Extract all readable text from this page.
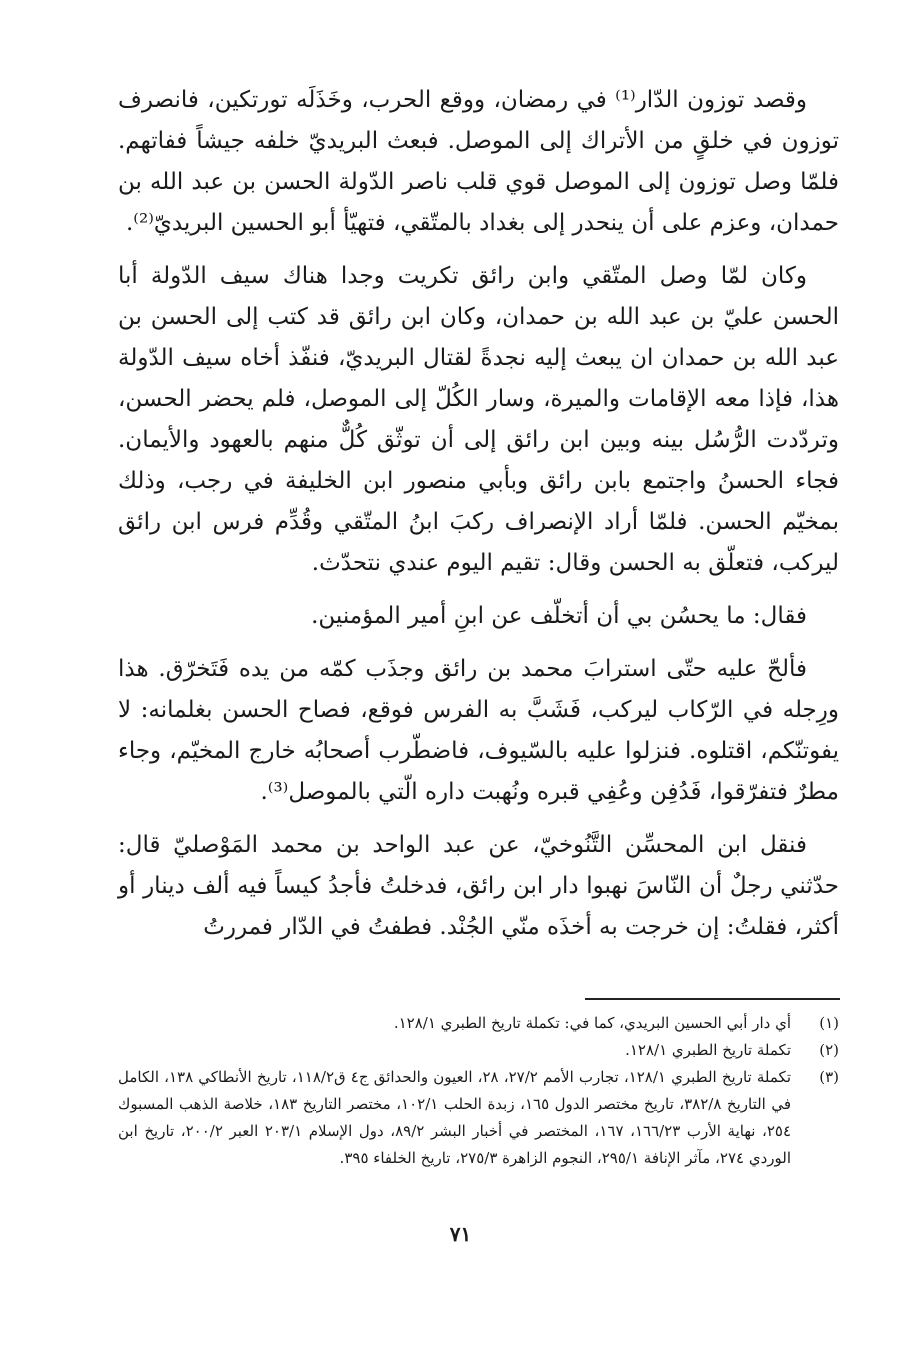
وقصد توزون الدّار⁽¹⁾ في رمضان، ووقع الحرب، وخَذَلَه تورتكين، فانصرف توزون في خلقٍ من الأتراك إلى الموصل. فبعث البريديّ خلفه جيشاً ففاتهم. فلمّا وصل توزون إلى الموصل قوي قلب ناصر الدّولة الحسن بن عبد الله بن حمدان، وعزم على أن ينحدر إلى بغداد بالمتّقي، فتهيّأ أبو الحسين البريديّ⁽²⁾.

وكان لمّا وصل المتّقي وابن رائق تكريت وجدا هناك سيف الدّولة أبا الحسن عليّ بن عبد الله بن حمدان، وكان ابن رائق قد كتب إلى الحسن بن عبد الله بن حمدان ان يبعث إليه نجدةً لقتال البريديّ، فنفّذ أخاه سيف الدّولة هذا، فإذا معه الإقامات والميرة، وسار الكُلّ إلى الموصل، فلم يحضر الحسن، وتردّدت الرُّسُل بينه وبين ابن رائق إلى أن توثّق كُلٌّ منهم بالعهود والأيمان. فجاء الحسنُ واجتمع بابن رائق وبأبي منصور ابن الخليفة في رجب، وذلك بمخيّم الحسن. فلمّا أراد الإنصراف ركبَ ابنُ المتّقي وقُدِّم فرس ابن رائق ليركب، فتعلّق به الحسن وقال: تقيم اليوم عندي نتحدّث.

فقال: ما يحسُن بي أن أتخلّف عن ابنِ أمير المؤمنين.

فألحّ عليه حتّى استرابَ محمد بن رائق وجذَب كمّه من يده فَتَخرّق. هذا ورِجله في الرّكاب ليركب، فَشَبَّ به الفرس فوقع، فصاح الحسن بغلمانه: لا يفوتنّكم، اقتلوه. فنزلوا عليه بالسّيوف، فاضطّرب أصحابُه خارج المخيّم، وجاء مطرٌ فتفرّقوا، فَدُفِن وعُفِي قبره ونُهبت داره الّتي بالموصل⁽³⁾.

فنقل ابن المحسِّن التَّنُوخيّ، عن عبد الواحد بن محمد المَوْصليّ قال: حدّثني رجلٌ أن النّاسَ نهبوا دار ابن رائق، فدخلتُ فأجدُ كيساً فيه ألف دينار أو أكثر، فقلتُ: إن خرجت به أخذَه منّي الجُنْد. فطفتُ في الدّار فمررتُ

(١)
أي دار أبي الحسين البريدي، كما في: تكملة تاريخ الطبري ١٢٨/١.
(٢)
تكملة تاريخ الطبري ١٢٨/١.
(٣)
تكملة تاريخ الطبري ١٢٨/١، تجارب الأمم ٢٧/٢، ٢٨، العيون والحدائق ج٤ ق١١٨/٢، تاريخ الأنطاكي ١٣٨، الكامل في التاريخ ٣٨٢/٨، تاريخ مختصر الدول ١٦٥، زبدة الحلب ١٠٢/١، مختصر التاريخ ١٨٣، خلاصة الذهب المسبوك ٢٥٤، نهاية الأرب ١٦٦/٢٣، ١٦٧، المختصر في أخبار البشر ٨٩/٢، دول الإسلام ٢٠٣/١ العبر ٢٠٠/٢، تاريخ ابن الوردي ٢٧٤، مآثر الإنافة ٢٩٥/١، النجوم الزاهرة ٢٧٥/٣، تاريخ الخلفاء ٣٩٥.
٧١
